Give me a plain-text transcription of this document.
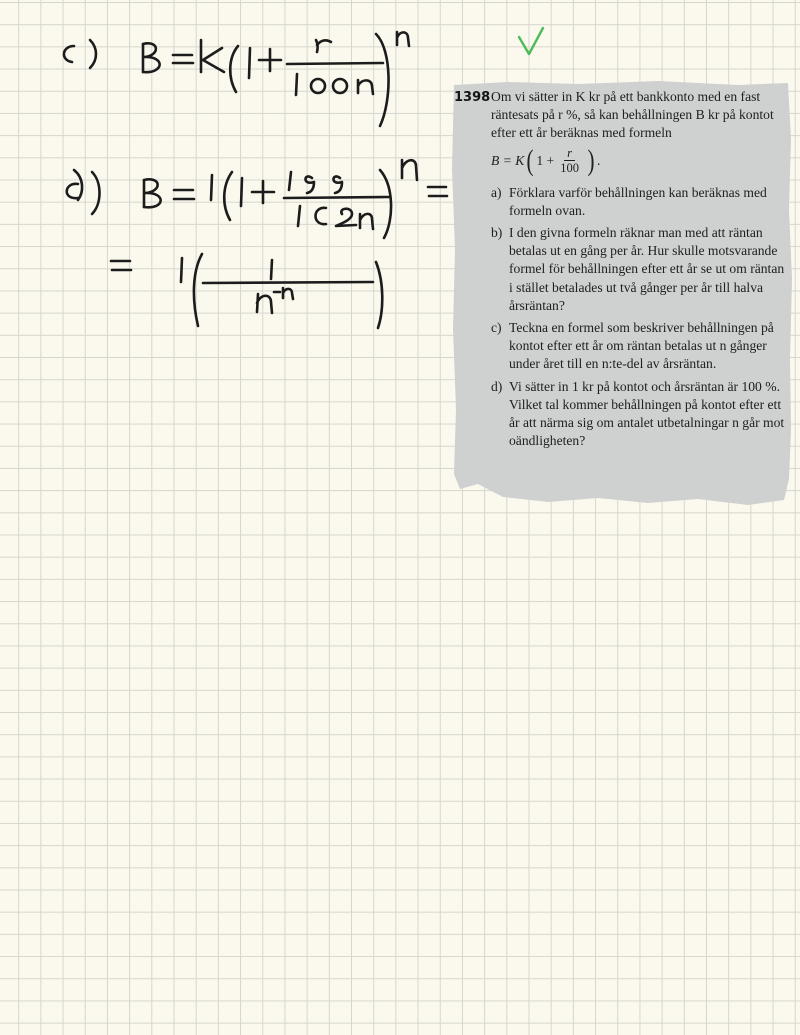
1398 Om vi sätter in K kr på ett bankkonto med en fast räntesats på r %, så kan behållningen B kr på kontot efter ett år beräknas med formeln
B = K ( $1 + \frac{r}{100}$ ) .
a) Förklara varför behållningen kan beräknas med formeln ovan.
b) I den givna formeln räknar man med att räntan betalas ut en gång per år. Hur skulle motsvarande formel för behållningen efter ett år se ut om räntan i stället betalades ut två gånger per år till halva årsräntan?
c) Teckna en formel som beskriver behållningen på kontot efter ett år om räntan betalas ut n gånger under året till en n:te-del av årsräntan.
d) Vi sätter in 1 kr på kontot och årsräntan är 100 %. Vilket tal kommer behållningen på kontot efter ett år att närma sig om antalet utbetalningar n går mot oändligheten?
